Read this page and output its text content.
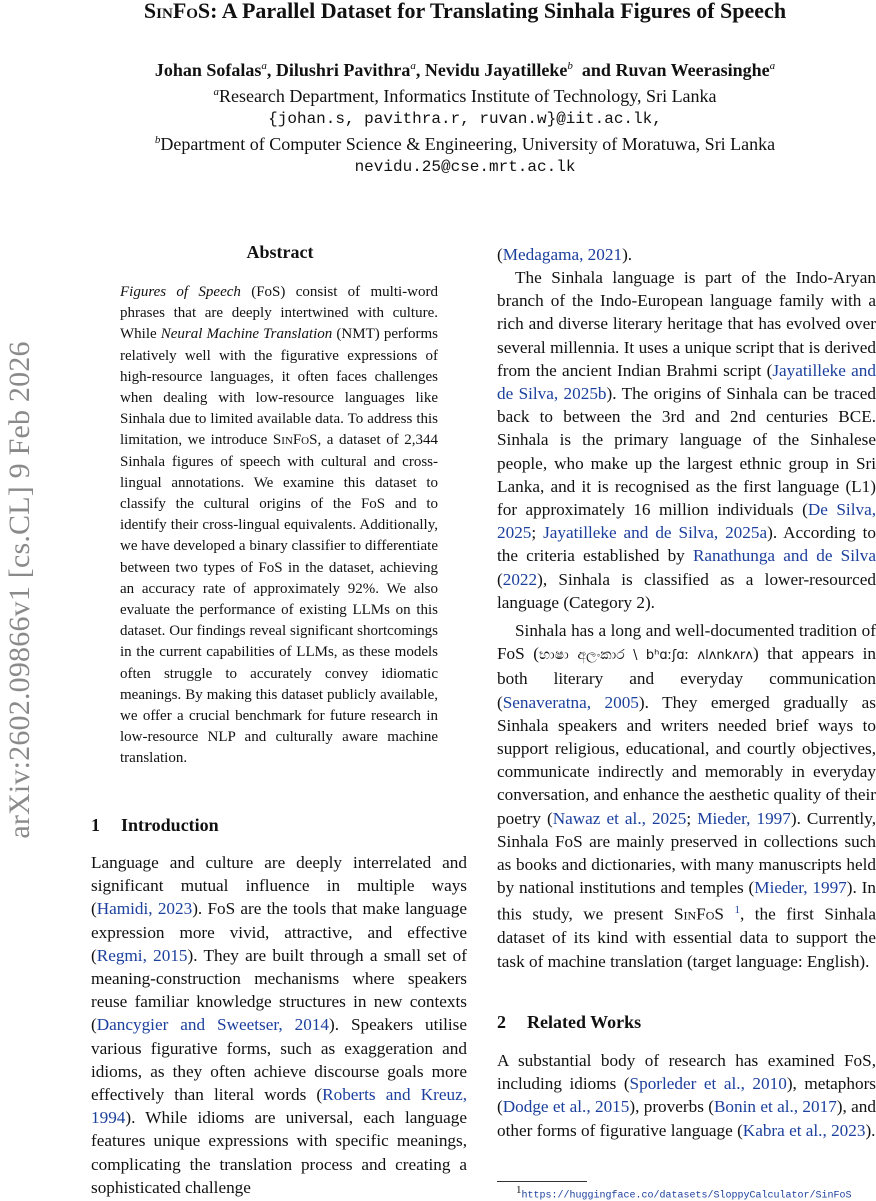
arXiv:2602.09866v1 [cs.CL] 9 Feb 2026
SinFoS: A Parallel Dataset for Translating Sinhala Figures of Speech
Johan Sofalas$^a$, Dilushri Pavithra$^a$, Nevidu Jayatilleke$^b$ and Ruvan Weerasinghe$^a$
$^a$Research Department, Informatics Institute of Technology, Sri Lanka
{johan.s, pavithra.r, ruvan.w}@iit.ac.lk,
$^b$Department of Computer Science & Engineering, University of Moratuwa, Sri Lanka
nevidu.25@cse.mrt.ac.lk
Abstract
Figures of Speech (FoS) consist of multi-word phrases that are deeply intertwined with culture. While Neural Machine Translation (NMT) performs relatively well with the figurative expressions of high-resource languages, it often faces challenges when dealing with low-resource languages like Sinhala due to limited available data. To address this limitation, we introduce SinFoS, a dataset of 2,344 Sinhala figures of speech with cultural and cross-lingual annotations. We examine this dataset to classify the cultural origins of the FoS and to identify their cross-lingual equivalents. Additionally, we have developed a binary classifier to differentiate between two types of FoS in the dataset, achieving an accuracy rate of approximately 92%. We also evaluate the performance of existing LLMs on this dataset. Our findings reveal significant shortcomings in the current capabilities of LLMs, as these models often struggle to accurately convey idiomatic meanings. By making this dataset publicly available, we offer a crucial benchmark for future research in low-resource NLP and culturally aware machine translation.
1 Introduction
Language and culture are deeply interrelated and significant mutual influence in multiple ways (Hamidi, 2023). FoS are the tools that make language expression more vivid, attractive, and effective (Regmi, 2015). They are built through a small set of meaning-construction mechanisms where speakers reuse familiar knowledge structures in new contexts (Dancygier and Sweetser, 2014). Speakers utilise various figurative forms, such as exaggeration and idioms, as they often achieve discourse goals more effectively than literal words (Roberts and Kreuz, 1994). While idioms are universal, each language features unique expressions with specific meanings, complicating the translation process and creating a sophisticated challenge
(Medagama, 2021).
The Sinhala language is part of the Indo-Aryan branch of the Indo-European language family with a rich and diverse literary heritage that has evolved over several millennia. It uses a unique script that is derived from the ancient Indian Brahmi script (Jayatilleke and de Silva, 2025b). The origins of Sinhala can be traced back to between the 3rd and 2nd centuries BCE. Sinhala is the primary language of the Sinhalese people, who make up the largest ethnic group in Sri Lanka, and it is recognised as the first language (L1) for approximately 16 million individuals (De Silva, 2025; Jayatilleke and de Silva, 2025a). According to the criteria established by Ranathunga and de Silva (2022), Sinhala is classified as a lower-resourced language (Category 2).
Sinhala has a long and well-documented tradition of FoS (භාෂා අලංකාර \ bʰɑːʃɑː ʌlʌnkʌrʌ) that appears in both literary and everyday communication (Senaveratna, 2005). They emerged gradually as Sinhala speakers and writers needed brief ways to support religious, educational, and courtly objectives, communicate indirectly and memorably in everyday conversation, and enhance the aesthetic quality of their poetry (Nawaz et al., 2025; Mieder, 1997). Currently, Sinhala FoS are mainly preserved in collections such as books and dictionaries, with many manuscripts held by national institutions and temples (Mieder, 1997). In this study, we present SinFoS $^1$, the first Sinhala dataset of its kind with essential data to support the task of machine translation (target language: English).
2 Related Works
A substantial body of research has examined FoS, including idioms (Sporleder et al., 2010), metaphors (Dodge et al., 2015), proverbs (Bonin et al., 2017), and other forms of figurative language (Kabra et al., 2023).
$^1$https://huggingface.co/datasets/SloppyCalculator/SinFoS
